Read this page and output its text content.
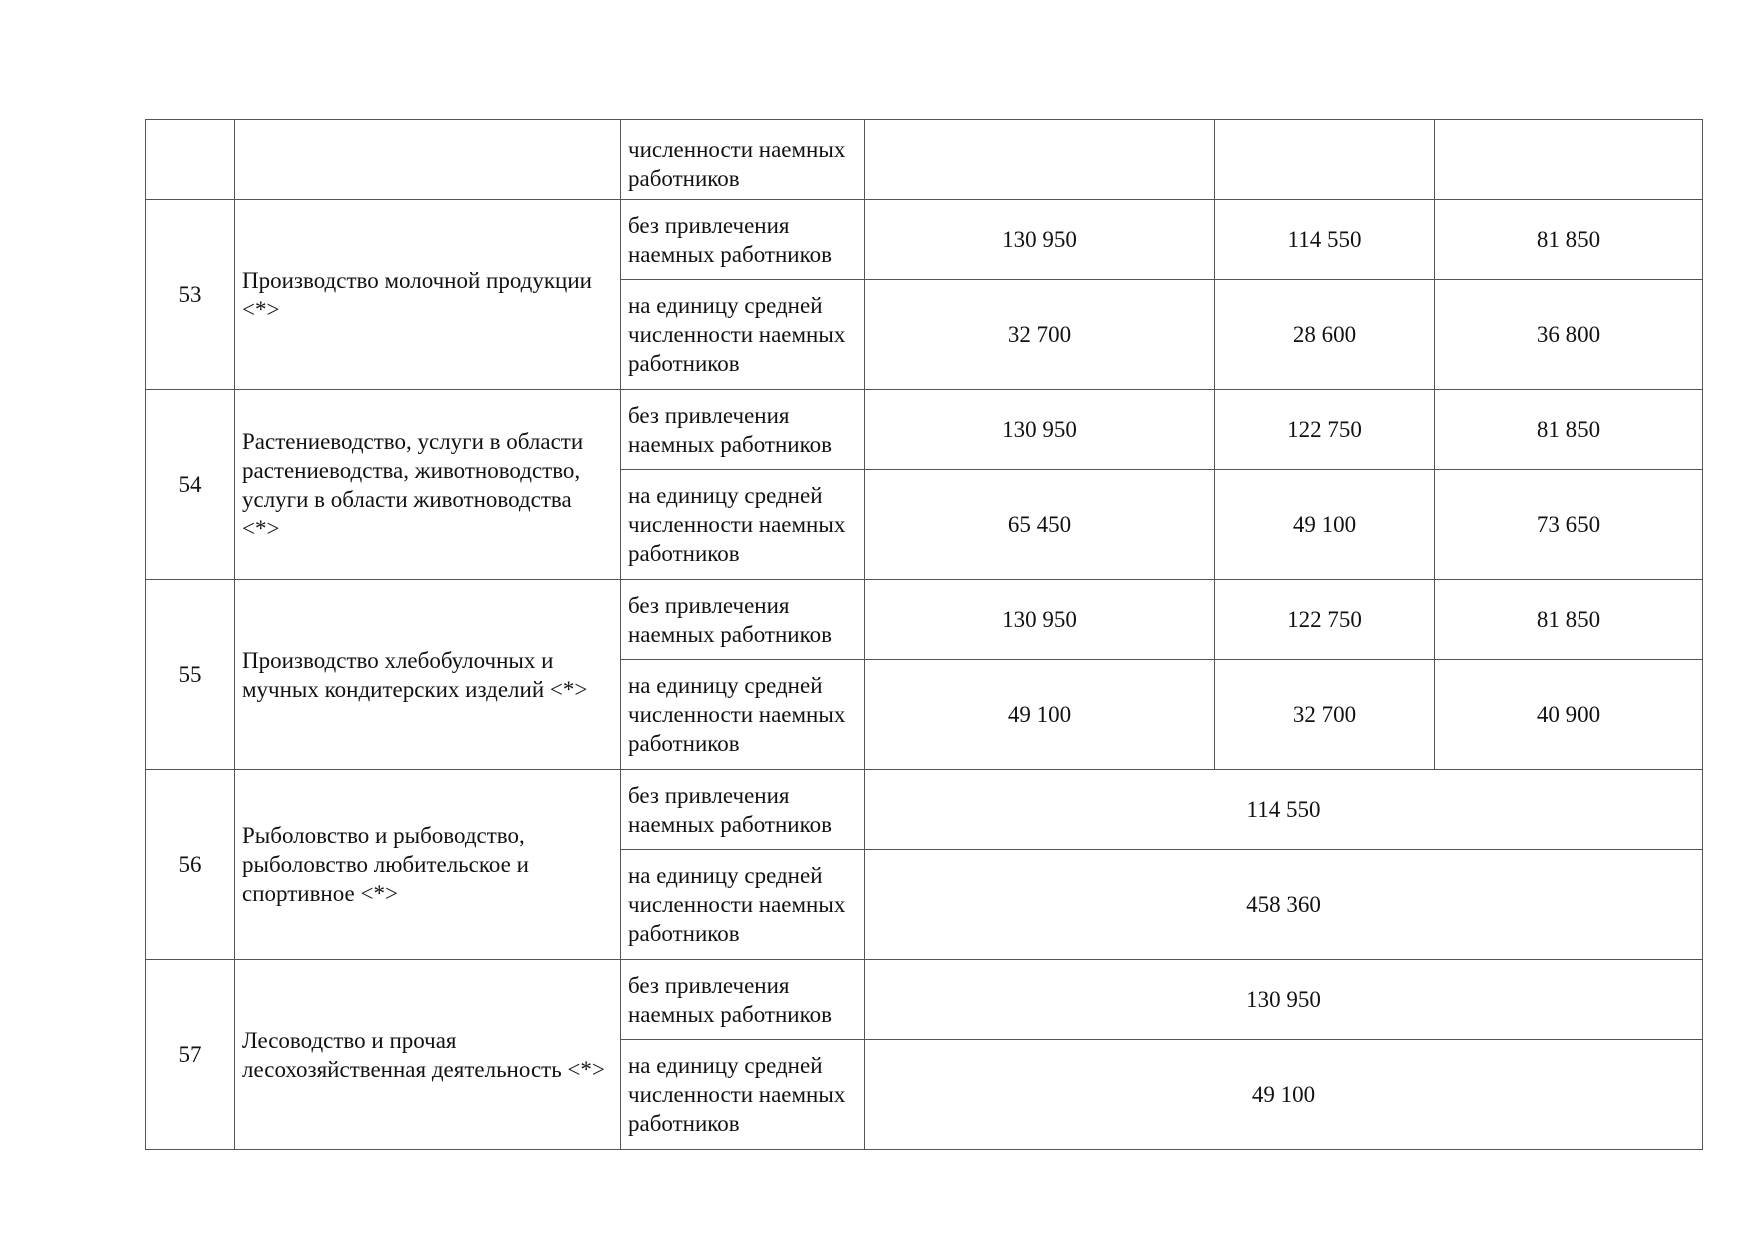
		численности наемных работников			
53	Производство молочной продукции <*>	без привлечения наемных работников	130 950	114 550	81 850
		на единицу средней численности наемных работников	32 700	28 600	36 800
54	Растениеводство, услуги в области растениеводства, животноводство, услуги в области животноводства <*>	без привлечения наемных работников	130 950	122 750	81 850
		на единицу средней численности наемных работников	65 450	49 100	73 650
55	Производство хлебобулочных и мучных кондитерских изделий <*>	без привлечения наемных работников	130 950	122 750	81 850
		на единицу средней численности наемных работников	49 100	32 700	40 900
56	Рыболовство и рыбоводство, рыболовство любительское и спортивное <*>	без привлечения наемных работников	114 550		
		на единицу средней численности наемных работников	458 360		
57	Лесоводство и прочая лесохозяйственная деятельность <*>	без привлечения наемных работников	130 950		
		на единицу средней численности наемных работников	49 100		
